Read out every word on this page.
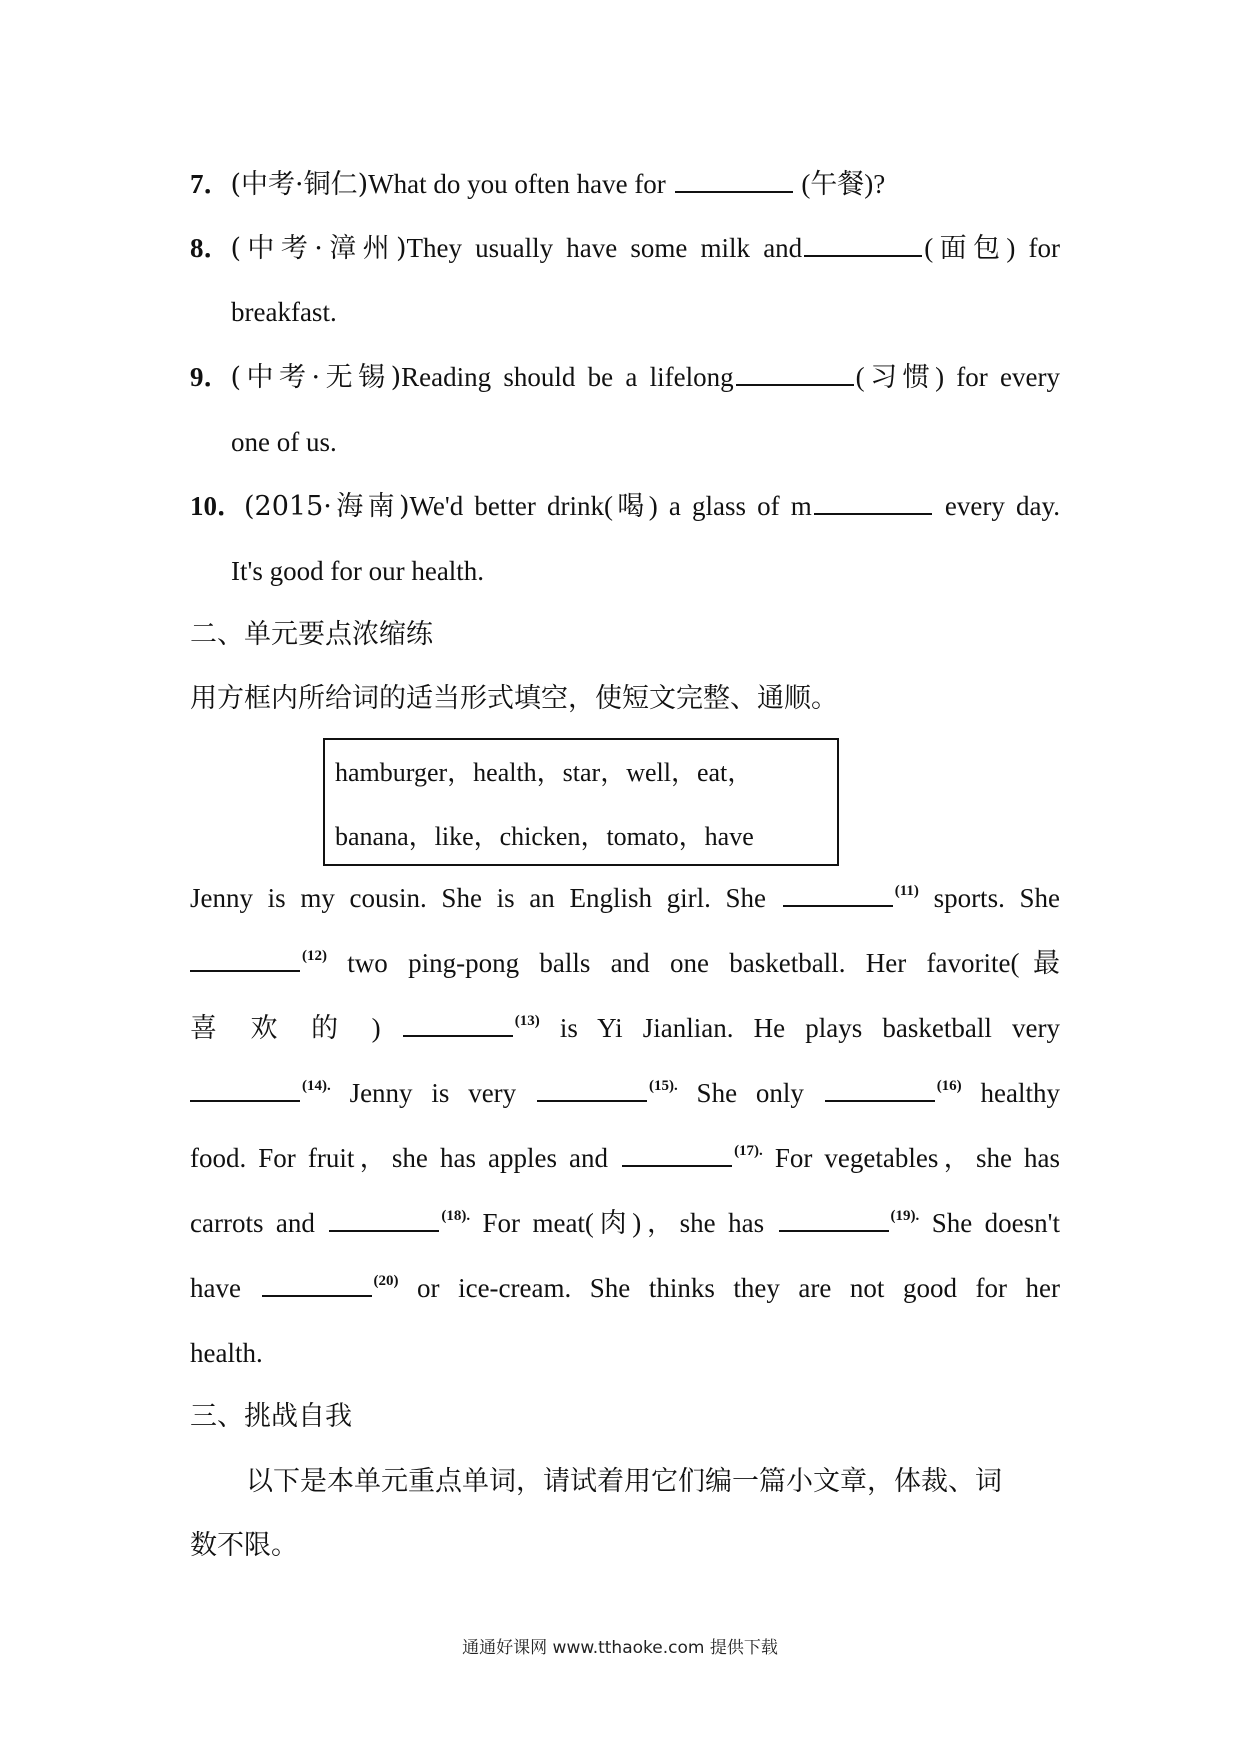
7．(中考·铜仁)What do you often have for	(午餐)?
8．(中考·漳州)They usually have some milk and	(面包) for
breakfast.
9．(中考·无锡)Reading should be a lifelong	(习惯) for every
one of us.
10．(2015·海南)We'd better drink(喝) a glass of m	every day.
It's good for our health.
二、单元要点浓缩练
用方框内所给词的适当形式填空，使短文完整、通顺。
hamburger，health，star，well，eat，
banana，like，chicken，tomato，have
Jenny is my cousin. She is an English girl. She	$^{(11)}$ sports. She
$^{(12)}$ two ping-pong balls and one basketball. Her favorite(最
喜 欢 的 )	$^{(13)}$ is Yi Jianlian. He plays basketball very
$^{(14).}$ Jenny is very	$^{(15).}$ She only	$^{(16)}$ healthy
food. For fruit，she has apples and	$^{(17).}$ For vegetables，she has
carrots and	$^{(18).}$ For meat(肉)，she has	$^{(19).}$ She doesn't
have	$^{(20)}$ or ice-cream. She thinks they are not good for her
health.
三、挑战自我
以下是本单元重点单词，请试着用它们编一篇小文章，体裁、词
数不限。
通通好课网 www.tthaoke.com 提供下载
